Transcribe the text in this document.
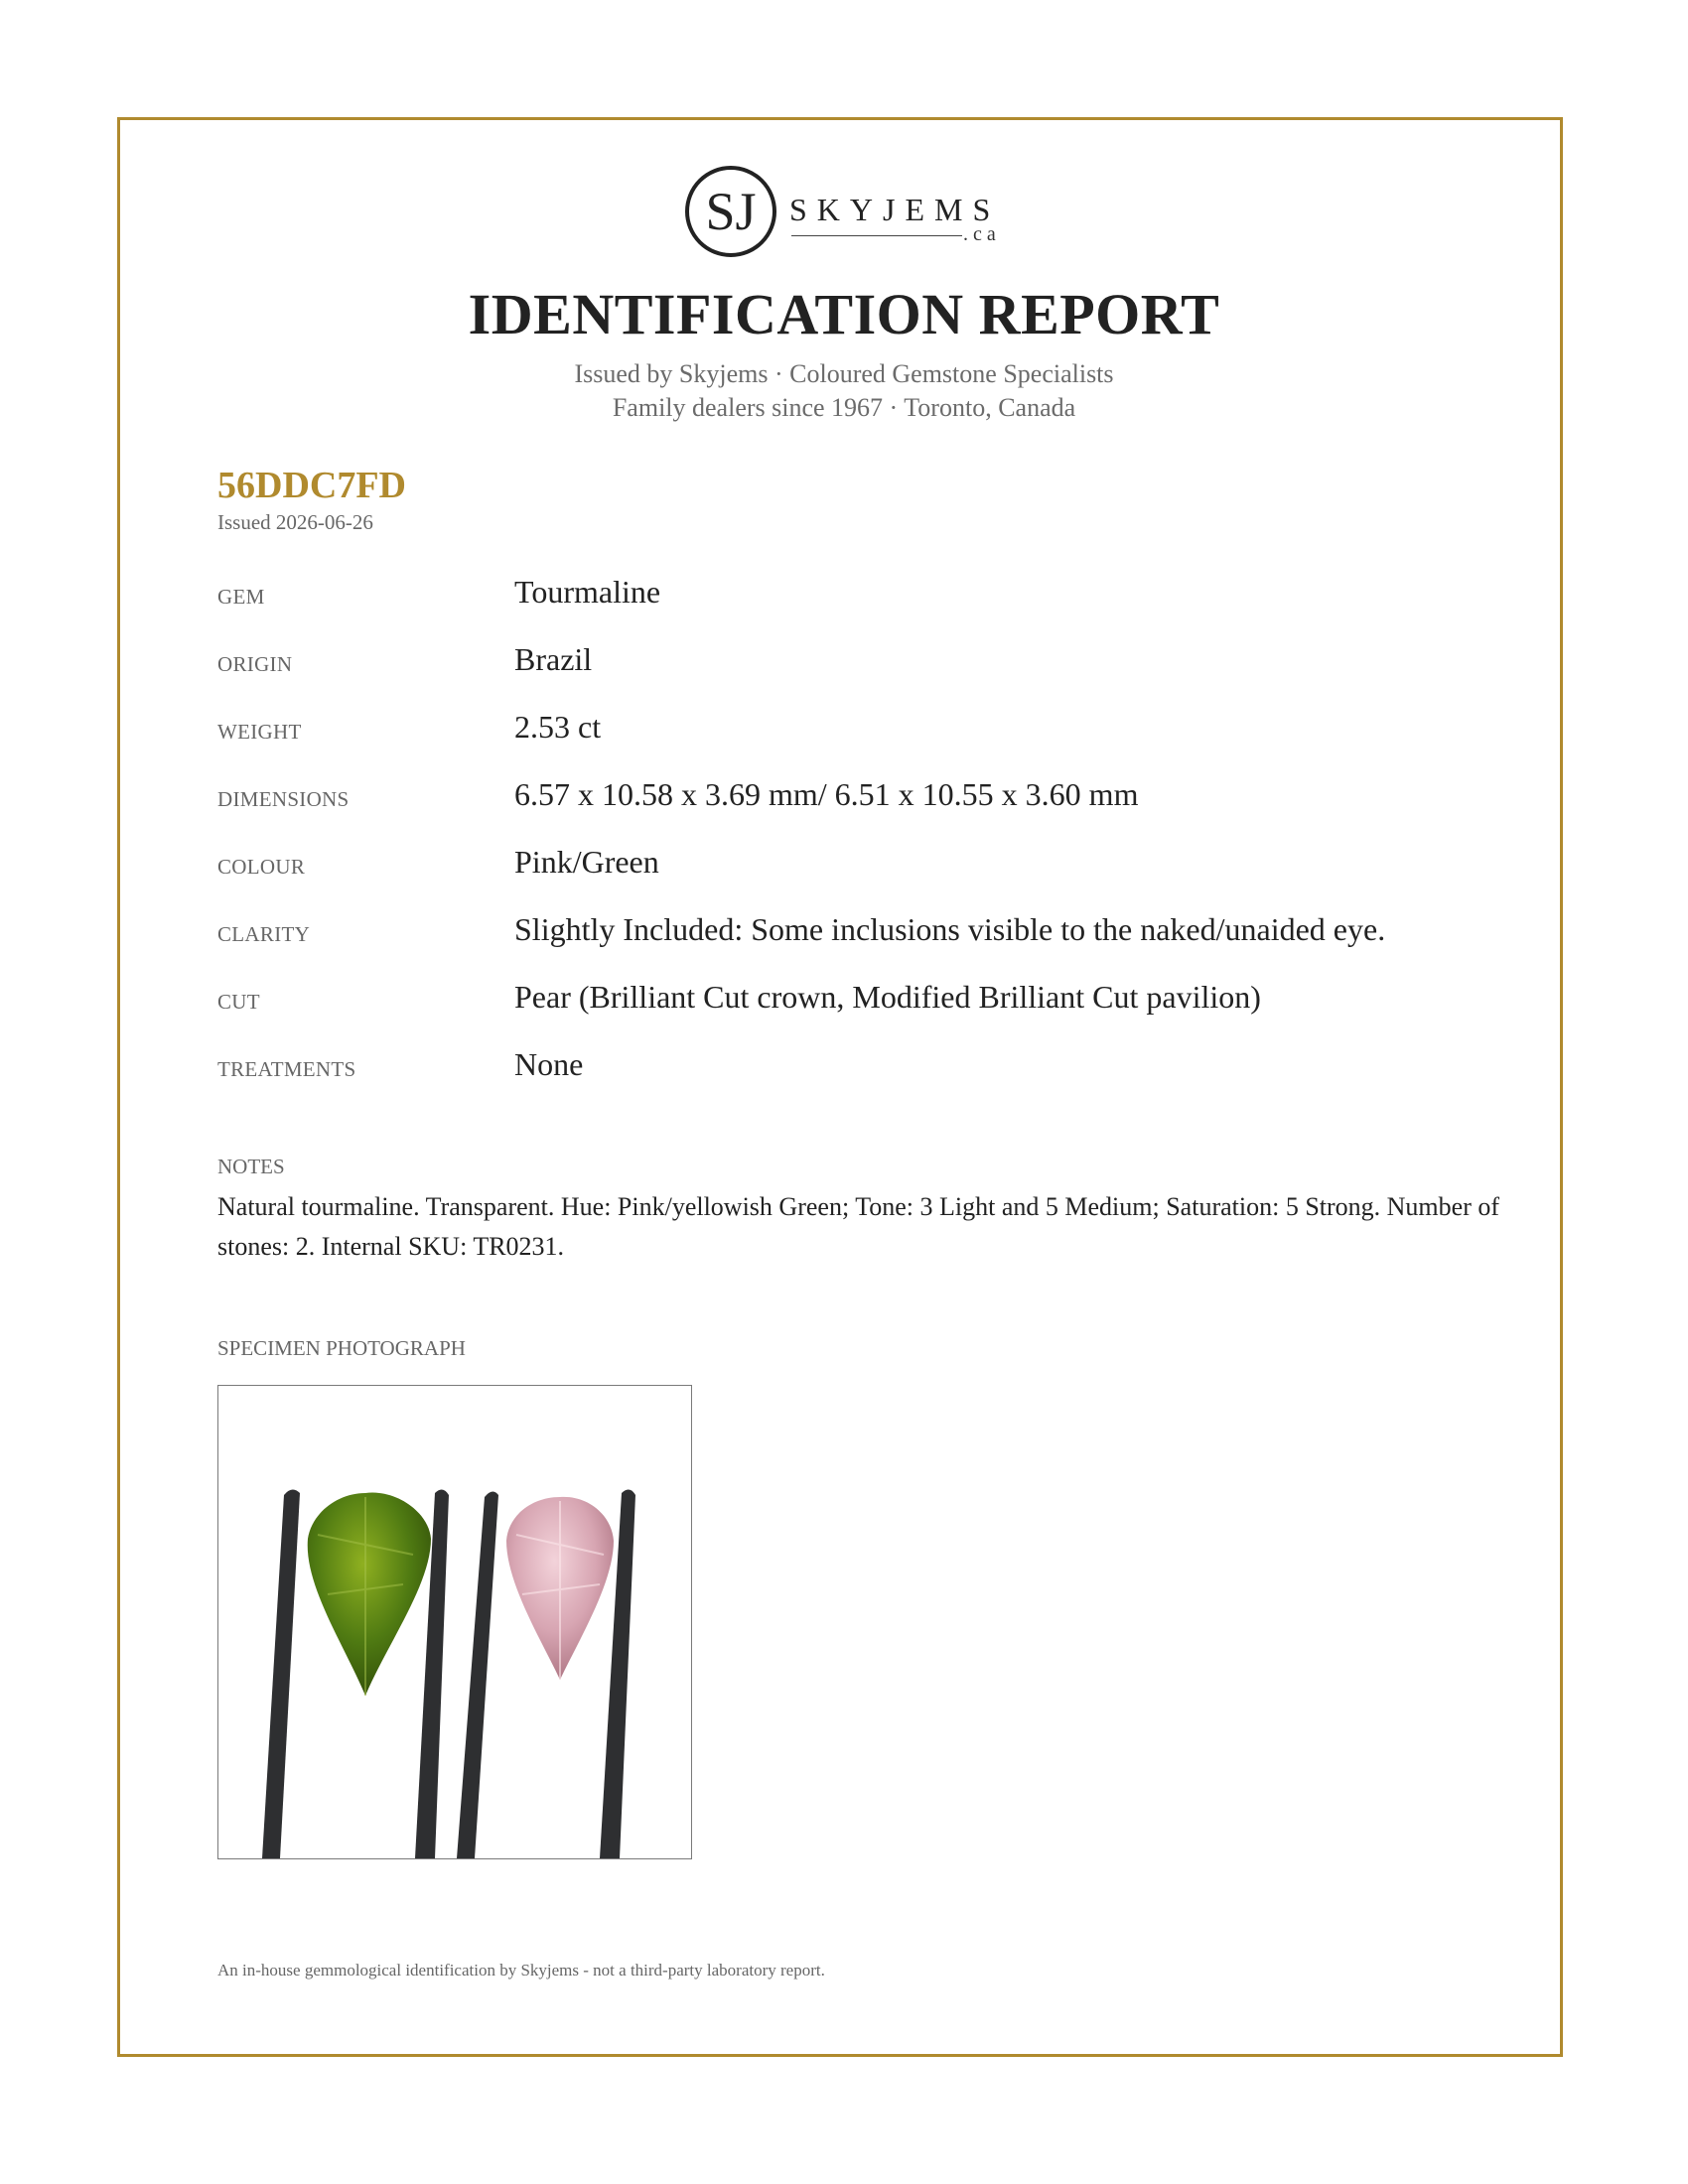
SJ SKYJEMS
.ca
IDENTIFICATION REPORT
Issued by Skyjems · Coloured Gemstone Specialists
Family dealers since 1967 · Toronto, Canada
56DDC7FD
Issued 2026-06-26
GEM	Tourmaline
ORIGIN	Brazil
WEIGHT	2.53 ct
DIMENSIONS	6.57 x 10.58 x 3.69 mm/ 6.51 x 10.55 x 3.60 mm
COLOUR	Pink/Green
CLARITY	Slightly Included: Some inclusions visible to the naked/unaided eye.
CUT	Pear (Brilliant Cut crown, Modified Brilliant Cut pavilion)
TREATMENTS	None
NOTES
Natural tourmaline. Transparent. Hue: Pink/yellowish Green; Tone: 3 Light and 5 Medium; Saturation: 5 Strong. Number of stones: 2. Internal SKU: TR0231.
SPECIMEN PHOTOGRAPH
An in-house gemmological identification by Skyjems - not a third-party laboratory report.
